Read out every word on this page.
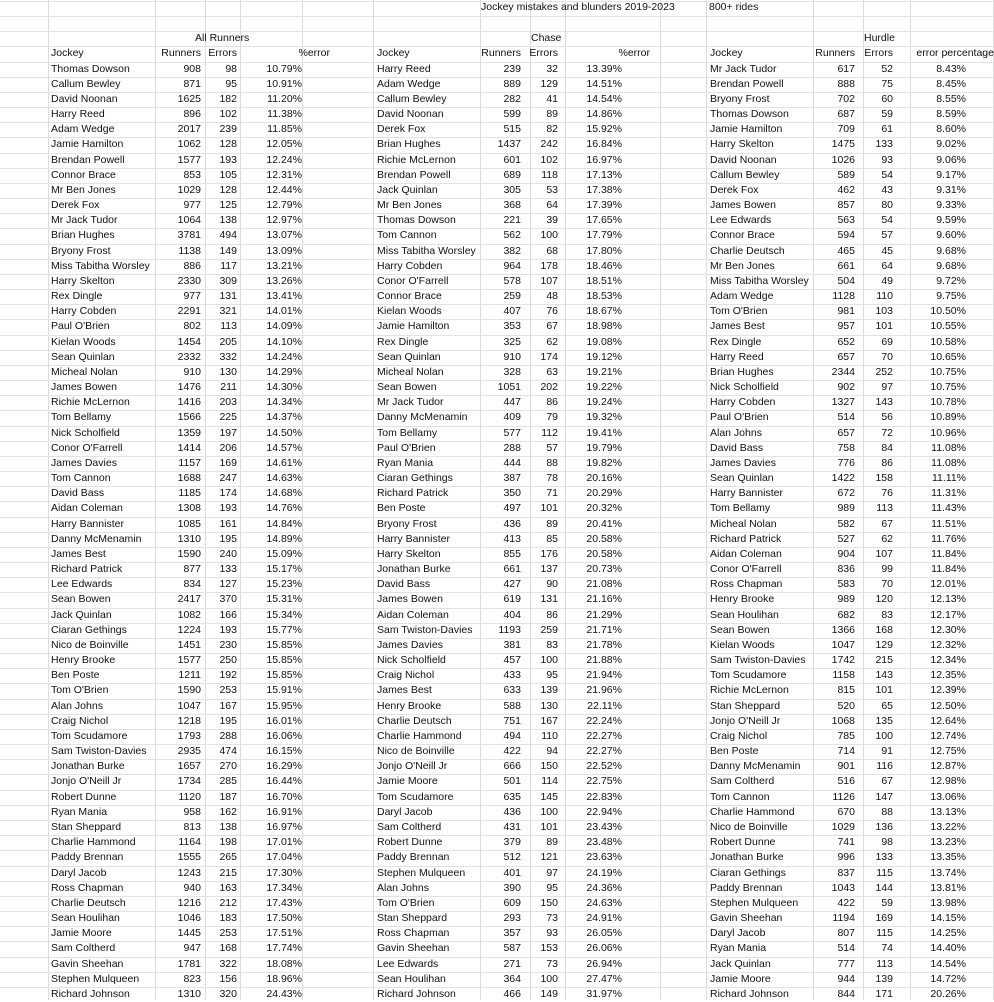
Jockey mistakes and blunders 2019-2023	800+ rides
All Runners
Jockey	Runners Errors	%error
Thomas Dowson	908	98	10.79%
Callum Bewley	871	95	10.91%
David Noonan	1625	182	11.20%
Harry Reed	896	102	11.38%
Adam Wedge	2017	239	11.85%
Jamie Hamilton	1062	128	12.05%
Brendan Powell	1577	193	12.24%
Connor Brace	853	105	12.31%
Mr Ben Jones	1029	128	12.44%
Derek Fox	977	125	12.79%
Mr Jack Tudor	1064	138	12.97%
Brian Hughes	3781	494	13.07%
Bryony Frost	1138	149	13.09%
Miss Tabitha Worsley	886	117	13.21%
Harry Skelton	2330	309	13.26%
Rex Dingle	977	131	13.41%
Harry Cobden	2291	321	14.01%
Paul O'Brien	802	113	14.09%
Kielan Woods	1454	205	14.10%
Sean Quinlan	2332	332	14.24%
Micheal Nolan	910	130	14.29%
James Bowen	1476	211	14.30%
Richie McLernon	1416	203	14.34%
Tom Bellamy	1566	225	14.37%
Nick Scholfield	1359	197	14.50%
Conor O'Farrell	1414	206	14.57%
James Davies	1157	169	14.61%
Tom Cannon	1688	247	14.63%
David Bass	1185	174	14.68%
Aidan Coleman	1308	193	14.76%
Harry Bannister	1085	161	14.84%
Danny McMenamin	1310	195	14.89%
James Best	1590	240	15.09%
Richard Patrick	877	133	15.17%
Lee Edwards	834	127	15.23%
Sean Bowen	2417	370	15.31%
Jack Quinlan	1082	166	15.34%
Ciaran Gethings	1224	193	15.77%
Nico de Boinville	1451	230	15.85%
Henry Brooke	1577	250	15.85%
Ben Poste	1211	192	15.85%
Tom O'Brien	1590	253	15.91%
Alan Johns	1047	167	15.95%
Craig Nichol	1218	195	16.01%
Tom Scudamore	1793	288	16.06%
Sam Twiston-Davies	2935	474	16.15%
Jonathan Burke	1657	270	16.29%
Jonjo O'Neill Jr	1734	285	16.44%
Robert Dunne	1120	187	16.70%
Ryan Mania	958	162	16.91%
Stan Sheppard	813	138	16.97%
Charlie Hammond	1164	198	17.01%
Paddy Brennan	1555	265	17.04%
Daryl Jacob	1243	215	17.30%
Ross Chapman	940	163	17.34%
Charlie Deutsch	1216	212	17.43%
Sean Houlihan	1046	183	17.50%
Jamie Moore	1445	253	17.51%
Sam Coltherd	947	168	17.74%
Gavin Sheehan	1781	322	18.08%
Stephen Mulqueen	823	156	18.96%
Richard Johnson	1310	320	24.43%
Chase
Jockey	Runners Errors	%error
Harry Reed	239	32	13.39%
Adam Wedge	889	129	14.51%
Callum Bewley	282	41	14.54%
David Noonan	599	89	14.86%
Derek Fox	515	82	15.92%
Brian Hughes	1437	242	16.84%
Richie McLernon	601	102	16.97%
Brendan Powell	689	118	17.13%
Jack Quinlan	305	53	17.38%
Mr Ben Jones	368	64	17.39%
Thomas Dowson	221	39	17.65%
Tom Cannon	562	100	17.79%
Miss Tabitha Worsley	382	68	17.80%
Harry Cobden	964	178	18.46%
Conor O'Farrell	578	107	18.51%
Connor Brace	259	48	18.53%
Kielan Woods	407	76	18.67%
Jamie Hamilton	353	67	18.98%
Rex Dingle	325	62	19.08%
Sean Quinlan	910	174	19.12%
Micheal Nolan	328	63	19.21%
Sean Bowen	1051	202	19.22%
Mr Jack Tudor	447	86	19.24%
Danny McMenamin	409	79	19.32%
Tom Bellamy	577	112	19.41%
Paul O'Brien	288	57	19.79%
Ryan Mania	444	88	19.82%
Ciaran Gethings	387	78	20.16%
Richard Patrick	350	71	20.29%
Ben Poste	497	101	20.32%
Bryony Frost	436	89	20.41%
Harry Bannister	413	85	20.58%
Harry Skelton	855	176	20.58%
Jonathan Burke	661	137	20.73%
David Bass	427	90	21.08%
James Bowen	619	131	21.16%
Aidan Coleman	404	86	21.29%
Sam Twiston-Davies	1193	259	21.71%
James Davies	381	83	21.78%
Nick Scholfield	457	100	21.88%
Craig Nichol	433	95	21.94%
James Best	633	139	21.96%
Henry Brooke	588	130	22.11%
Charlie Deutsch	751	167	22.24%
Charlie Hammond	494	110	22.27%
Nico de Boinville	422	94	22.27%
Jonjo O'Neill Jr	666	150	22.52%
Jamie Moore	501	114	22.75%
Tom Scudamore	635	145	22.83%
Daryl Jacob	436	100	22.94%
Sam Coltherd	431	101	23.43%
Robert Dunne	379	89	23.48%
Paddy Brennan	512	121	23.63%
Stephen Mulqueen	401	97	24.19%
Alan Johns	390	95	24.36%
Tom O'Brien	609	150	24.63%
Stan Sheppard	293	73	24.91%
Ross Chapman	357	93	26.05%
Gavin Sheehan	587	153	26.06%
Lee Edwards	271	73	26.94%
Sean Houlihan	364	100	27.47%
Richard Johnson	466	149	31.97%
Hurdle
Jockey	Runners Errors	error percentage
Mr Jack Tudor	617	52	8.43%
Brendan Powell	888	75	8.45%
Bryony Frost	702	60	8.55%
Thomas Dowson	687	59	8.59%
Jamie Hamilton	709	61	8.60%
Harry Skelton	1475	133	9.02%
David Noonan	1026	93	9.06%
Callum Bewley	589	54	9.17%
Derek Fox	462	43	9.31%
James Bowen	857	80	9.33%
Lee Edwards	563	54	9.59%
Connor Brace	594	57	9.60%
Charlie Deutsch	465	45	9.68%
Mr Ben Jones	661	64	9.68%
Miss Tabitha Worsley	504	49	9.72%
Adam Wedge	1128	110	9.75%
Tom O'Brien	981	103	10.50%
James Best	957	101	10.55%
Rex Dingle	652	69	10.58%
Harry Reed	657	70	10.65%
Brian Hughes	2344	252	10.75%
Nick Scholfield	902	97	10.75%
Harry Cobden	1327	143	10.78%
Paul O'Brien	514	56	10.89%
Alan Johns	657	72	10.96%
David Bass	758	84	11.08%
James Davies	776	86	11.08%
Sean Quinlan	1422	158	11.11%
Harry Bannister	672	76	11.31%
Tom Bellamy	989	113	11.43%
Micheal Nolan	582	67	11.51%
Richard Patrick	527	62	11.76%
Aidan Coleman	904	107	11.84%
Conor O'Farrell	836	99	11.84%
Ross Chapman	583	70	12.01%
Henry Brooke	989	120	12.13%
Sean Houlihan	682	83	12.17%
Sean Bowen	1366	168	12.30%
Kielan Woods	1047	129	12.32%
Sam Twiston-Davies	1742	215	12.34%
Tom Scudamore	1158	143	12.35%
Richie McLernon	815	101	12.39%
Stan Sheppard	520	65	12.50%
Jonjo O'Neill Jr	1068	135	12.64%
Craig Nichol	785	100	12.74%
Ben Poste	714	91	12.75%
Danny McMenamin	901	116	12.87%
Sam Coltherd	516	67	12.98%
Tom Cannon	1126	147	13.06%
Charlie Hammond	670	88	13.13%
Nico de Boinville	1029	136	13.22%
Robert Dunne	741	98	13.23%
Jonathan Burke	996	133	13.35%
Ciaran Gethings	837	115	13.74%
Paddy Brennan	1043	144	13.81%
Stephen Mulqueen	422	59	13.98%
Gavin Sheehan	1194	169	14.15%
Daryl Jacob	807	115	14.25%
Ryan Mania	514	74	14.40%
Jack Quinlan	777	113	14.54%
Jamie Moore	944	139	14.72%
Richard Johnson	844	171	20.26%
